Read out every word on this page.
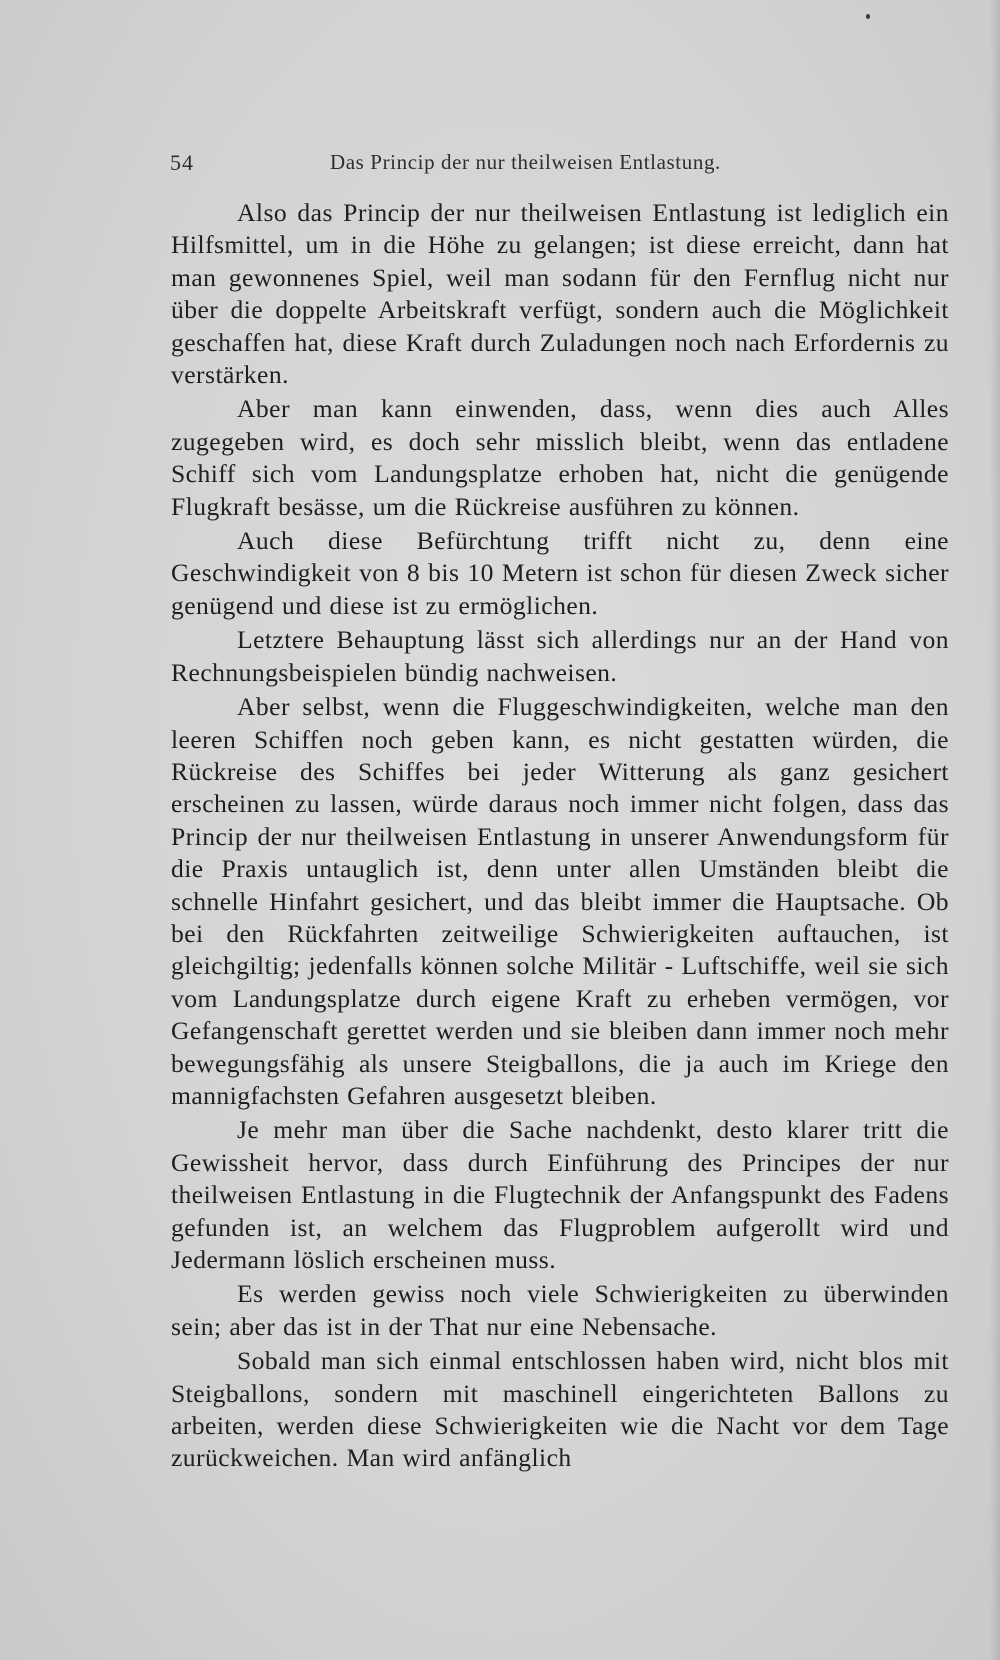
54	Das Princip der nur theilweisen Entlastung.

Also das Princip der nur theilweisen Entlastung ist lediglich ein Hilfsmittel, um in die Höhe zu gelangen; ist diese erreicht, dann hat man gewonnenes Spiel, weil man sodann für den Fernflug nicht nur über die doppelte Arbeitskraft verfügt, sondern auch die Möglichkeit geschaffen hat, diese Kraft durch Zuladungen noch nach Erfordernis zu verstärken.

Aber man kann einwenden, dass, wenn dies auch Alles zugegeben wird, es doch sehr misslich bleibt, wenn das entladene Schiff sich vom Landungsplatze erhoben hat, nicht die genügende Flugkraft besässe, um die Rückreise ausführen zu können.

Auch diese Befürchtung trifft nicht zu, denn eine Geschwindigkeit von 8 bis 10 Metern ist schon für diesen Zweck sicher genügend und diese ist zu ermöglichen.

Letztere Behauptung lässt sich allerdings nur an der Hand von Rechnungsbeispielen bündig nachweisen.

Aber selbst, wenn die Fluggeschwindigkeiten, welche man den leeren Schiffen noch geben kann, es nicht gestatten würden, die Rückreise des Schiffes bei jeder Witterung als ganz gesichert erscheinen zu lassen, würde daraus noch immer nicht folgen, dass das Princip der nur theilweisen Entlastung in unserer Anwendungsform für die Praxis untauglich ist, denn unter allen Umständen bleibt die schnelle Hinfahrt gesichert, und das bleibt immer die Hauptsache. Ob bei den Rückfahrten zeitweilige Schwierigkeiten auftauchen, ist gleichgiltig; jedenfalls können solche Militär - Luftschiffe, weil sie sich vom Landungsplatze durch eigene Kraft zu erheben vermögen, vor Gefangenschaft gerettet werden und sie bleiben dann immer noch mehr bewegungsfähig als unsere Steigballons, die ja auch im Kriege den mannigfachsten Gefahren ausgesetzt bleiben.

Je mehr man über die Sache nachdenkt, desto klarer tritt die Gewissheit hervor, dass durch Einführung des Principes der nur theilweisen Entlastung in die Flugtechnik der Anfangspunkt des Fadens gefunden ist, an welchem das Flugproblem aufgerollt wird und Jedermann löslich erscheinen muss.

Es werden gewiss noch viele Schwierigkeiten zu überwinden sein; aber das ist in der That nur eine Nebensache.

Sobald man sich einmal entschlossen haben wird, nicht blos mit Steigballons, sondern mit maschinell eingerichteten Ballons zu arbeiten, werden diese Schwierigkeiten wie die Nacht vor dem Tage zurückweichen. Man wird anfänglich
